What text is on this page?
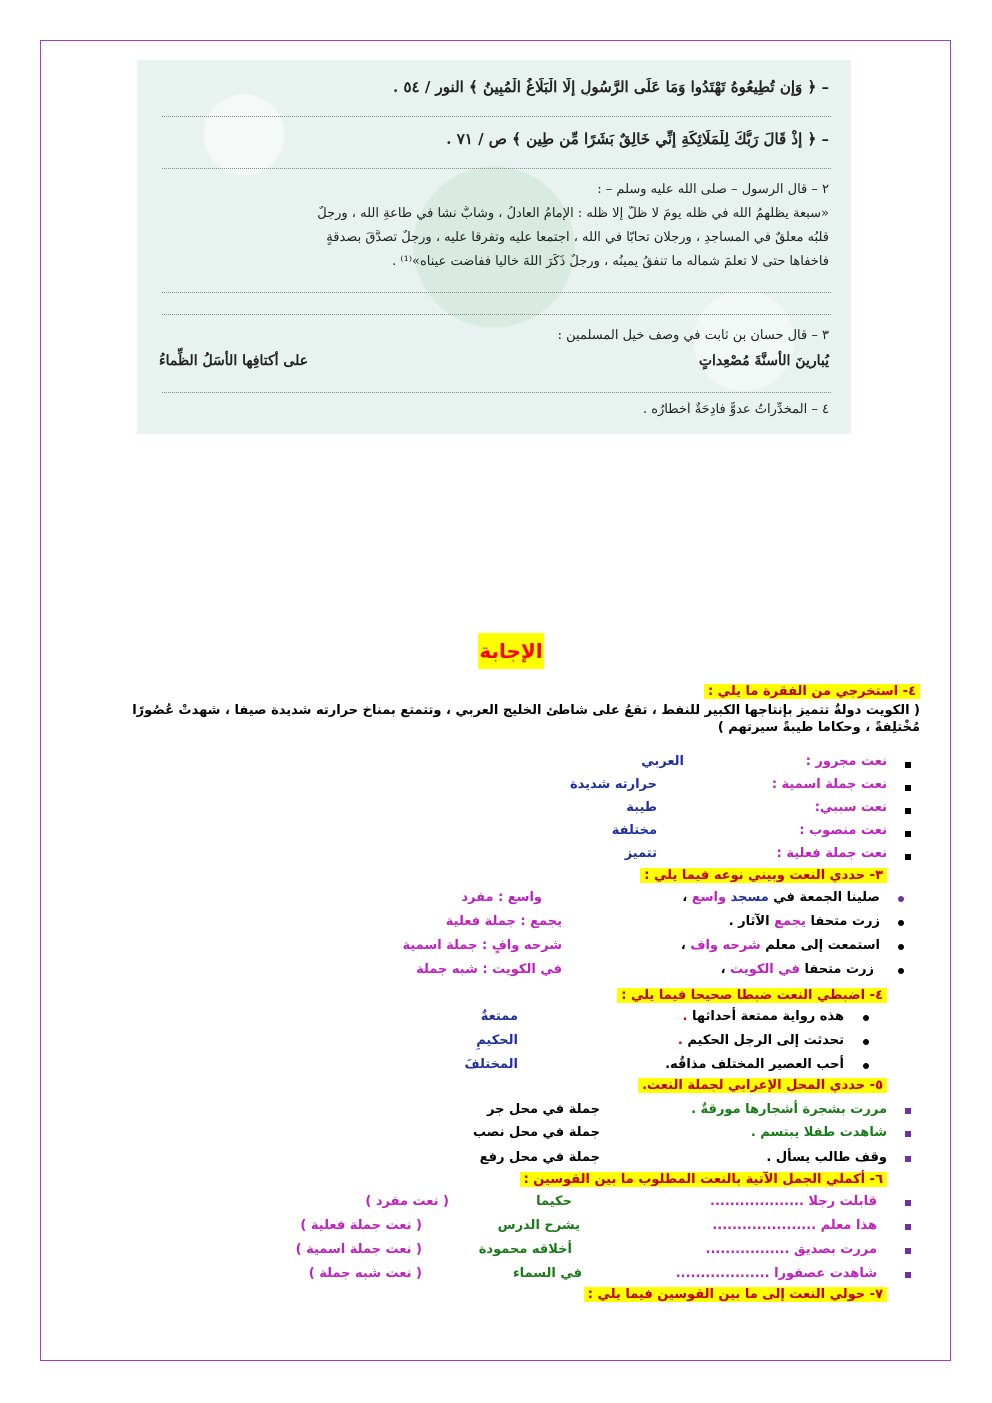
– ﴿ وَإِن تُطِيعُوهُ تَهْتَدُوا وَمَا عَلَى الرَّسُولِ إِلَّا الْبَلَاغُ الْمُبِينُ ﴾ النور / ٥٤ .
– ﴿ إِذْ قَالَ رَبُّكَ لِلْمَلَائِكَةِ إِنِّي خَالِقٌ بَشَرًا مِّن طِينٍ ﴾ ص / ٧١ .
٢ – قال الرسول – صلى الله عليه وسلم – :
«سبعة يظلُّهمُ الله في ظله يومَ لا ظلَّ إلا ظلّه : الإمامُ العادلُ ، وشابٌّ نشأ في طاعةِ الله ، ورجلٌ
قلبُه معلقٌ في المساجدِ ، ورجلان تحابّا في الله ، اجتمعا عليه وتفرقا عليه ، ورجلٌ تصدَّقَ بصدقةٍ
فأخفاها حتى لا تعلمَ شمالُه ما تنفقُ يمينُه ، ورجلٌ ذَكَرَ اللهَ خالياً ففاضت عيناه»⁽¹⁾ .
٣ – قال حسان بن ثابت في وصف خيل المسلمين :
يُبارينَ الأسنَّةَ مُصْعِداتٍ
على أكتافِها الأسَلُ الظِّماءُ
٤ – المخدِّراتُ عدوٌّ فادِحَةٌ أخطارُه .
الإجابة
٤- استخرجي من الفقرة ما يلي :
( الكويت دولةٌ تتميز بإنتاجها الكبير للنفط ، تقعُ على شاطئ الخليج العربي ، وتتمتع بمناخ حرارته شديدة صيفا ، شهدتْ عُصُورًا
مُخْتلِفةً ، وحكاما طيبةً سيرتهم )
نعت مجرور :
العربي
نعت جملة اسمية :
حرارته شديدة
نعت سببي:
طيبة
نعت منصوب :
مختلفة
نعت جملة فعلية :
تتميز
٣- حددي النعت وبيني نوعه فيما يلي :
صلينا الجمعة في مسجد واسع ،
واسع : مفرد
زرت متحفا يجمع الآثار .
يجمع : جملة فعلية
استمعت إلى معلم شرحه واف ،
شرحه وافٍ : جملة اسمية
زرت متحفا في الكويت ،
في الكويت : شبه جملة
٤- اضبطي النعت ضبطا صحيحا فيما يلي :
هذه رواية ممتعة أحداثها .
ممتعةٌ
تحدثت إلى الرجل الحكيم .
الحكيمِ
أحب العصير المختلف مذاقُه.
المختلفَ
٥- حددي المحل الإعرابي لجملة النعت.
مررت بشجرة أشجارها مورقةٌ .
جملة في محل جر
شاهدت طفلا يبتسم .
جملة في محل نصب
وقف طالب يسأل .
جملة في محل رفع
٦- أكملي الجمل الآتية بالنعت المطلوب ما بين القوسين :
قابلت رجلا ...................
حكيما
( نعت مفرد )
هذا معلم .....................
يشرح الدرس
( نعت جملة فعلية )
مررت بصديق .................
أخلاقه محمودة
( نعت جملة اسمية )
شاهدت عصفورا ...................
في السماء
( نعت شبه جملة )
٧- حولي النعت إلى ما بين القوسين فيما يلي :
